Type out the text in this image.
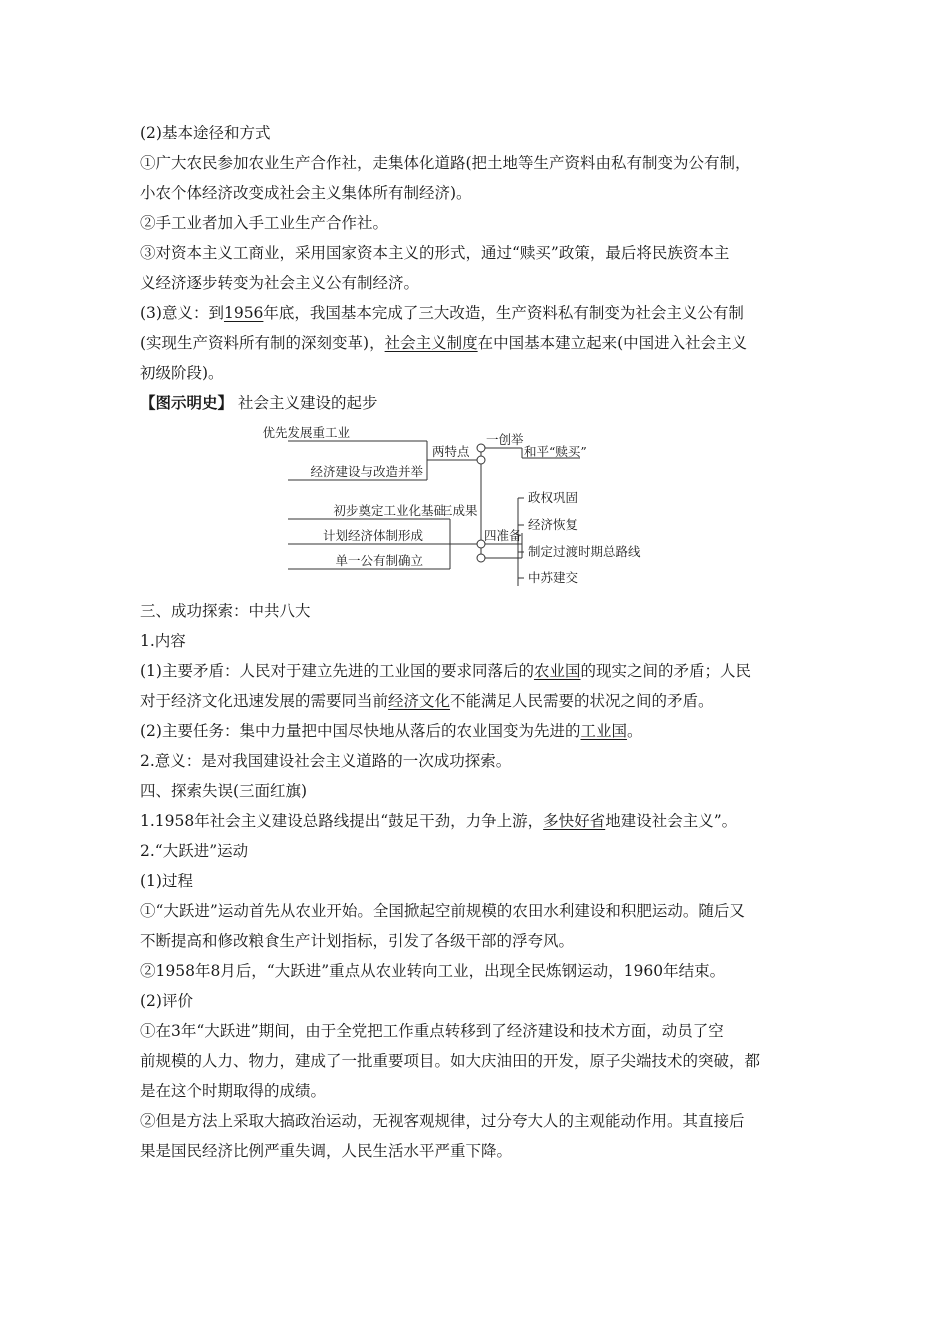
(2)基本途径和方式

①广大农民参加农业生产合作社，走集体化道路(把土地等生产资料由私有制变为公有制，

小农个体经济改变成社会主义集体所有制经济)。

②手工业者加入手工业生产合作社。

③对资本主义工商业，采用国家资本主义的形式，通过“赎买”政策，最后将民族资本主

义经济逐步转变为社会主义公有制经济。

(3)意义：到1956年底，我国基本完成了三大改造，生产资料私有制变为社会主义公有制

(实现生产资料所有制的深刻变革)，社会主义制度在中国基本建立起来(中国进入社会主义

初级阶段)。

【图示明史】 社会主义建设的起步

优先发展重工业
经济建设与改造并举
两特点
初步奠定工业化基础
计划经济体制形成
单一公有制确立
三成果
一创举
和平“赎买”
四准备
政权巩固
经济恢复
制定过渡时期总路线
中苏建交

三、成功探索：中共八大

1.内容

(1)主要矛盾：人民对于建立先进的工业国的要求同落后的农业国的现实之间的矛盾；人民

对于经济文化迅速发展的需要同当前经济文化不能满足人民需要的状况之间的矛盾。

(2)主要任务：集中力量把中国尽快地从落后的农业国变为先进的工业国。

2.意义：是对我国建设社会主义道路的一次成功探索。

四、探索失误(三面红旗)

1.1958年社会主义建设总路线提出“鼓足干劲，力争上游，多快好省地建设社会主义”。

2.“大跃进”运动

(1)过程

①“大跃进”运动首先从农业开始。全国掀起空前规模的农田水利建设和积肥运动。随后又

不断提高和修改粮食生产计划指标，引发了各级干部的浮夸风。

②1958年8月后，“大跃进”重点从农业转向工业，出现全民炼钢运动，1960年结束。

(2)评价

①在3年“大跃进”期间，由于全党把工作重点转移到了经济建设和技术方面，动员了空

前规模的人力、物力，建成了一批重要项目。如大庆油田的开发，原子尖端技术的突破，都

是在这个时期取得的成绩。

②但是方法上采取大搞政治运动，无视客观规律，过分夸大人的主观能动作用。其直接后

果是国民经济比例严重失调，人民生活水平严重下降。
